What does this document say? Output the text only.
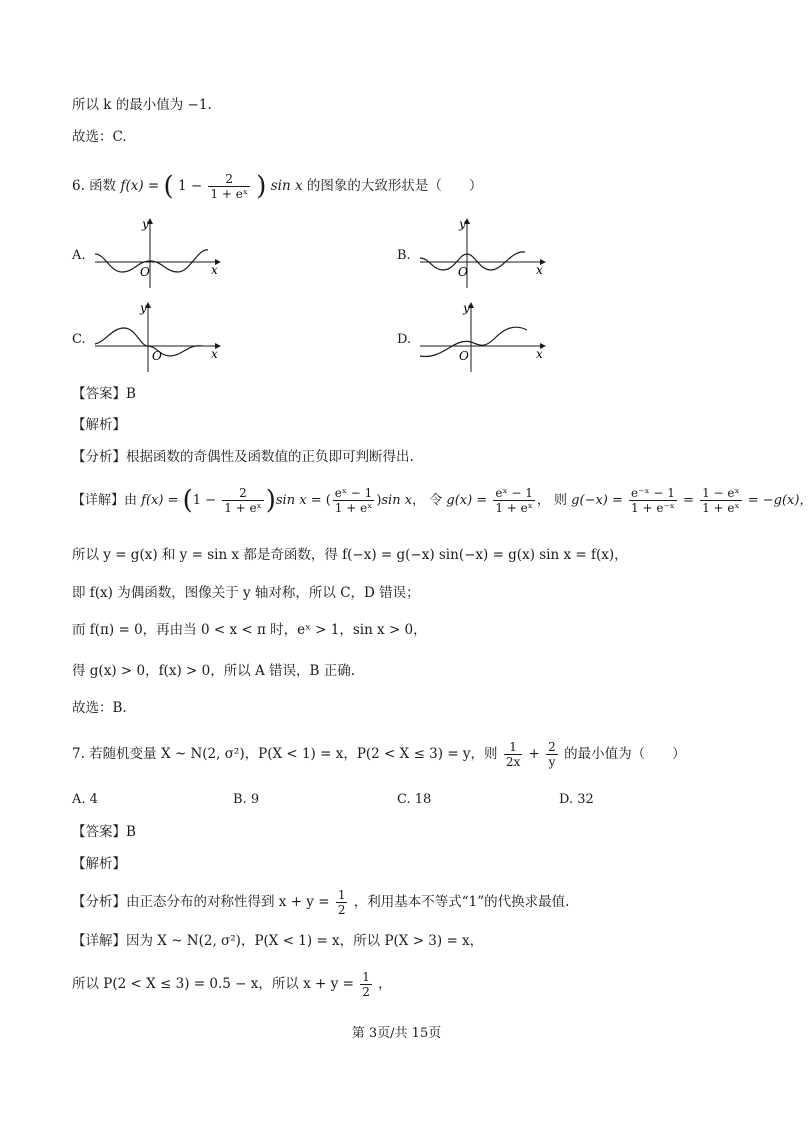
所以 k 的最小值为 −1.
故选：C.
6. 函数 f(x) = ( $1 - \frac{2}{\text{1 + eˣ}}$ ) sin x 的图象的大致形状是（　　）
A.
O	x
y
B.
O	x
y
C.
O	x
y
D.
O	x
y
【答案】B
【解析】
【分析】根据函数的奇偶性及函数值的正负即可判断得出.
【详解】由 $f(x) = (1 - \frac{2}{\text{1 + eˣ}} )\sin$ x = ( $\frac{\text{eˣ − 1}}{\text{1 + eˣ}} )\sin$ x， 令 $g(x) = \frac{\text{eˣ − 1}}{\text{1 + eˣ}}$ ， 则 $g(-x) = \frac{\text{e⁻ˣ − 1}}{\text{1 + e⁻ˣ}} = \frac{\text{1 − eˣ}}{\text{1 + eˣ}} = -g(x)$，
所以 y = g(x) 和 y = sin x 都是奇函数，得 f(−x) = g(−x) sin(−x) = g(x) sin x = f(x)，
即 f(x) 为偶函数，图像关于 y 轴对称，所以 C，D 错误；
而 f(π) = 0，再由当 0 < x < π 时，eˣ > 1，sin x > 0，
得 g(x) > 0，f(x) > 0，所以 A 错误，B 正确.
故选：B.
7. 若随机变量 X ~ N(2, σ²)，P(X < 1) = x，P(2 < X ≤ 3) = y，则 $\frac{1}{2x} + \frac{2}{y}$ 的最小值为（　　）
A. 4	B. 9	C. 18	D. 32
【答案】B
【解析】
【分析】由正态分布的对称性得到 $x + y = \frac{1}{2}$ ，利用基本不等式“1”的代换求最值.
【详解】因为 X ~ N(2, σ²)，P(X < 1) = x，所以 P(X > 3) = x，
所以 P(2 < X ≤ 3) = 0.5 − x，所以 $x + y = \frac{1}{2}$ ，
第 3页/共 15页
